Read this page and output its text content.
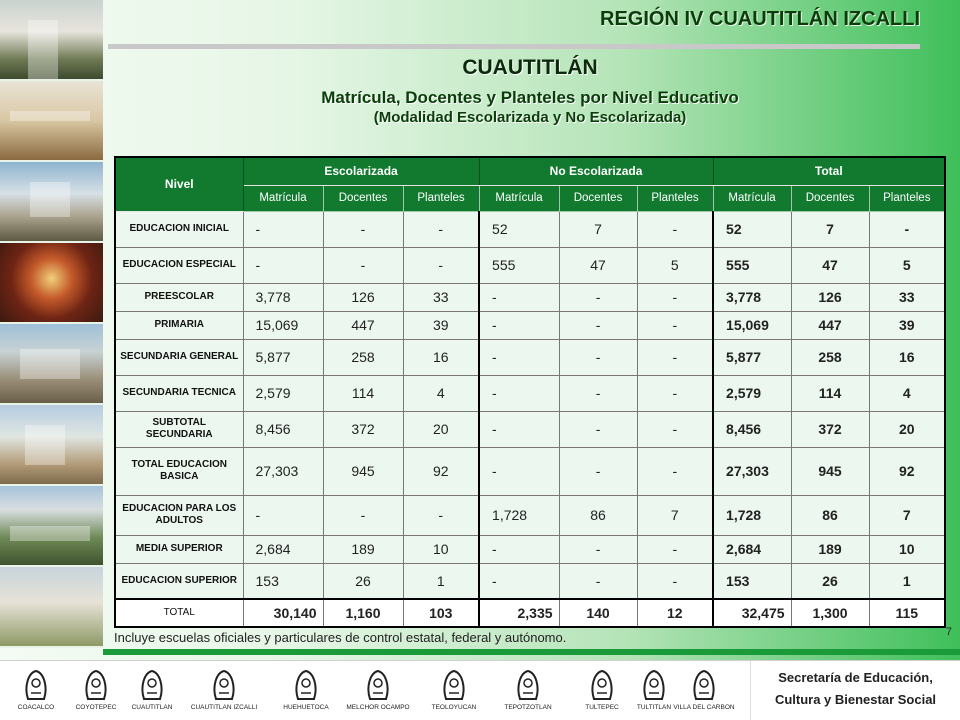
REGIÓN IV CUAUTITLÁN IZCALLI
CUAUTITLÁN
Matrícula, Docentes y Planteles por Nivel Educativo
(Modalidad Escolarizada y No Escolarizada)
Nivel	Escolarizada			No Escolarizada			Total		
	Matrícula	Docentes	Planteles	Matrícula	Docentes	Planteles	Matrícula	Docentes	Planteles
EDUCACION INICIAL	-	-	-	52	7	-	52	7	-
EDUCACION ESPECIAL	-	-	-	555	47	5	555	47	5
PREESCOLAR	3,778	126	33	-	-	-	3,778	126	33
PRIMARIA	15,069	447	39	-	-	-	15,069	447	39
SECUNDARIA GENERAL	5,877	258	16	-	-	-	5,877	258	16
SECUNDARIA TECNICA	2,579	114	4	-	-	-	2,579	114	4
SUBTOTAL SECUNDARIA	8,456	372	20	-	-	-	8,456	372	20
TOTAL EDUCACION BASICA	27,303	945	92	-	-	-	27,303	945	92
EDUCACION PARA LOS ADULTOS	-	-	-	1,728	86	7	1,728	86	7
MEDIA SUPERIOR	2,684	189	10	-	-	-	2,684	189	10
EDUCACION SUPERIOR	153	26	1	-	-	-	153	26	1
TOTAL	30,140	1,160	103	2,335	140	12	32,475	1,300	115
Incluye escuelas oficiales y particulares de control estatal, federal y autónomo.	7
COACALCO	COYOTEPEC	CUAUTITLAN	CUAUTITLAN IZCALLI	HUEHUETOCA	MELCHOR OCAMPO	TEOLOYUCAN	TEPOTZOTLAN	TULTEPEC	TULTITLAN VILLA DEL CARBON
Secretaría de Educación,
Cultura y Bienestar Social
